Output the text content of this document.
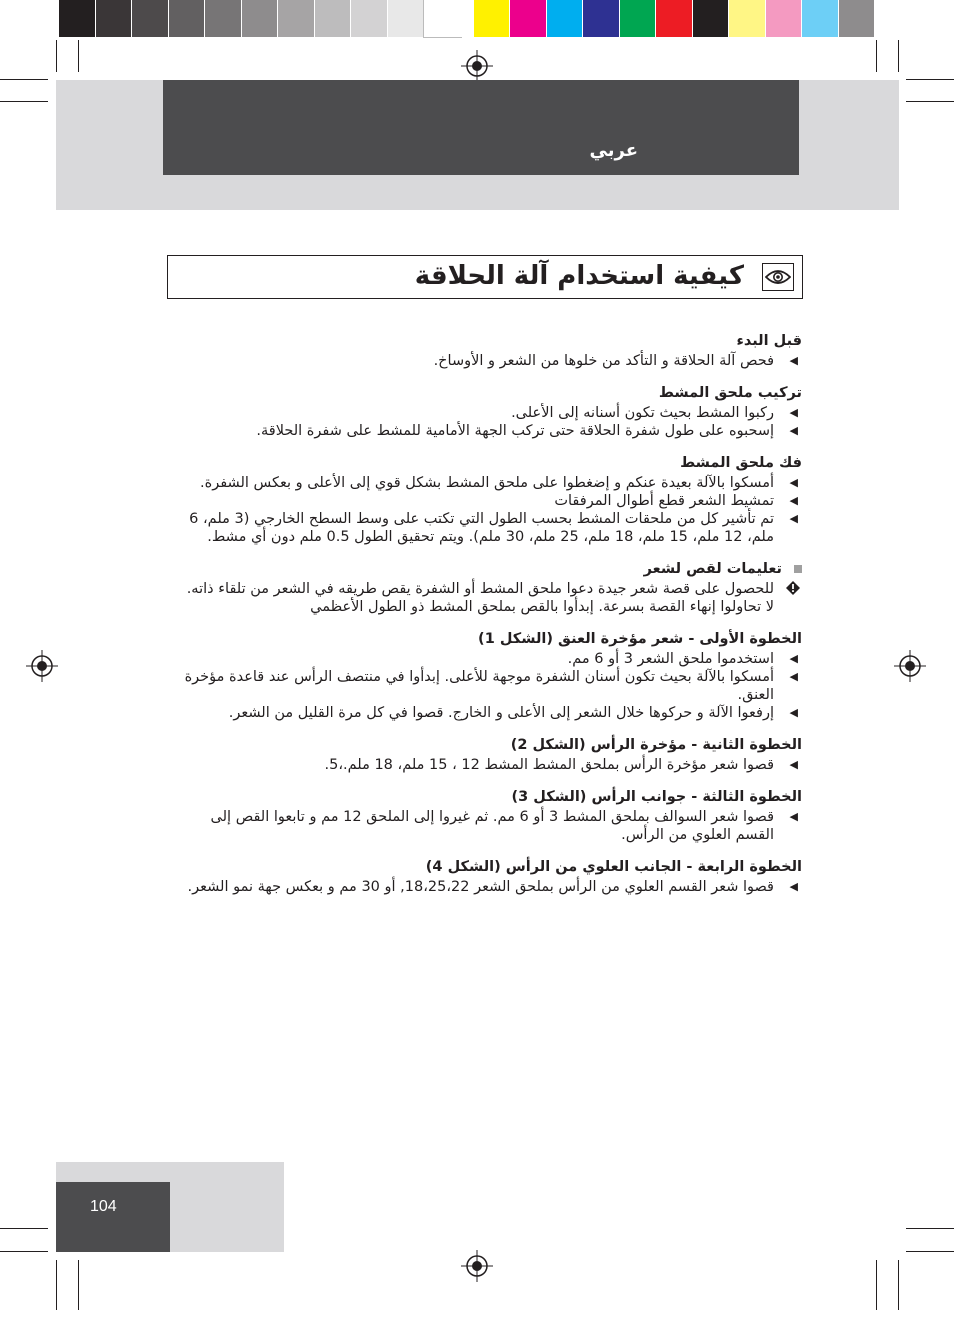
عربي
كيفية استخدام آلة الحلاقة
قبل البدء

◀
فحص آلة الحلاقة و التأكد من خلوها من الشعر و الأوساخ.

تركيب ملحق المشط

◀
ركبوا المشط بحيث تكون أسنانه إلى الأعلى.

◀
إسحبوه على طول شفرة الحلاقة حتى تركب الجهة الأمامية للمشط على شفرة الحلاقة.

فك ملحق المشط

◀
أمسكوا بالآلة بعيدة عنكم و إضغطوا على ملحق المشط بشكل قوي إلى الأعلى و بعكس الشفرة.

◀
تمشيط الشعر قطع أطوال المرفقات

◀
تم تأشير كل من ملحقات المشط بحسب الطول التي تكتب على وسط السطح الخارجي (3 ملم، 6 ملم، 12 ملم، 15 ملم، 18 ملم، 25 ملم، 30 ملم). ويتم تحقيق الطول 0.5 ملم دون أي مشط.

تعليمات لقص لشعر

للحصول على قصة شعر جيدة دعوا ملحق المشط أو الشفرة يقص طريقه في الشعر من تلقاء ذاته. لا تحاولوا إنهاء القصة بسرعة. إبدأوا بالقص بملحق المشط ذو الطول الأعظمي

الخطوة الأولى - شعر مؤخرة العنق (الشكل 1)

◀
استخدموا ملحق الشعر 3 أو 6 مم.

◀
أمسكوا بالآلة بحيث تكون أسنان الشفرة موجهة للأعلى. إبدأوا في منتصف الرأس عند قاعدة مؤخرة العنق.

◀
إرفعوا الآلة و حركوها خلال الشعر إلى الأعلى و الخارج. قصوا في كل مرة القليل من الشعر.

الخطوة الثانية - مؤخرة الرأس (الشكل 2)

◀
قصوا شعر مؤخرة الرأس بملحق المشط المشط 12 ، 15 ملم، 18 ملم.،5.

الخطوة الثالثة - جوانب الرأس (الشكل 3)

◀
قصوا شعر السوالف بملحق المشط 3 أو 6 مم. ثم غيروا إلى الملحق 12 مم و تابعوا القص إلى القسم العلوي من الرأس.

الخطوة الرابعة - الجانب العلوي من الرأس (الشكل 4)

◀
قصوا شعر القسم العلوي من الرأس بملحق الشعر 18،25،22, أو 30 مم و بعكس جهة نمو الشعر.

104
